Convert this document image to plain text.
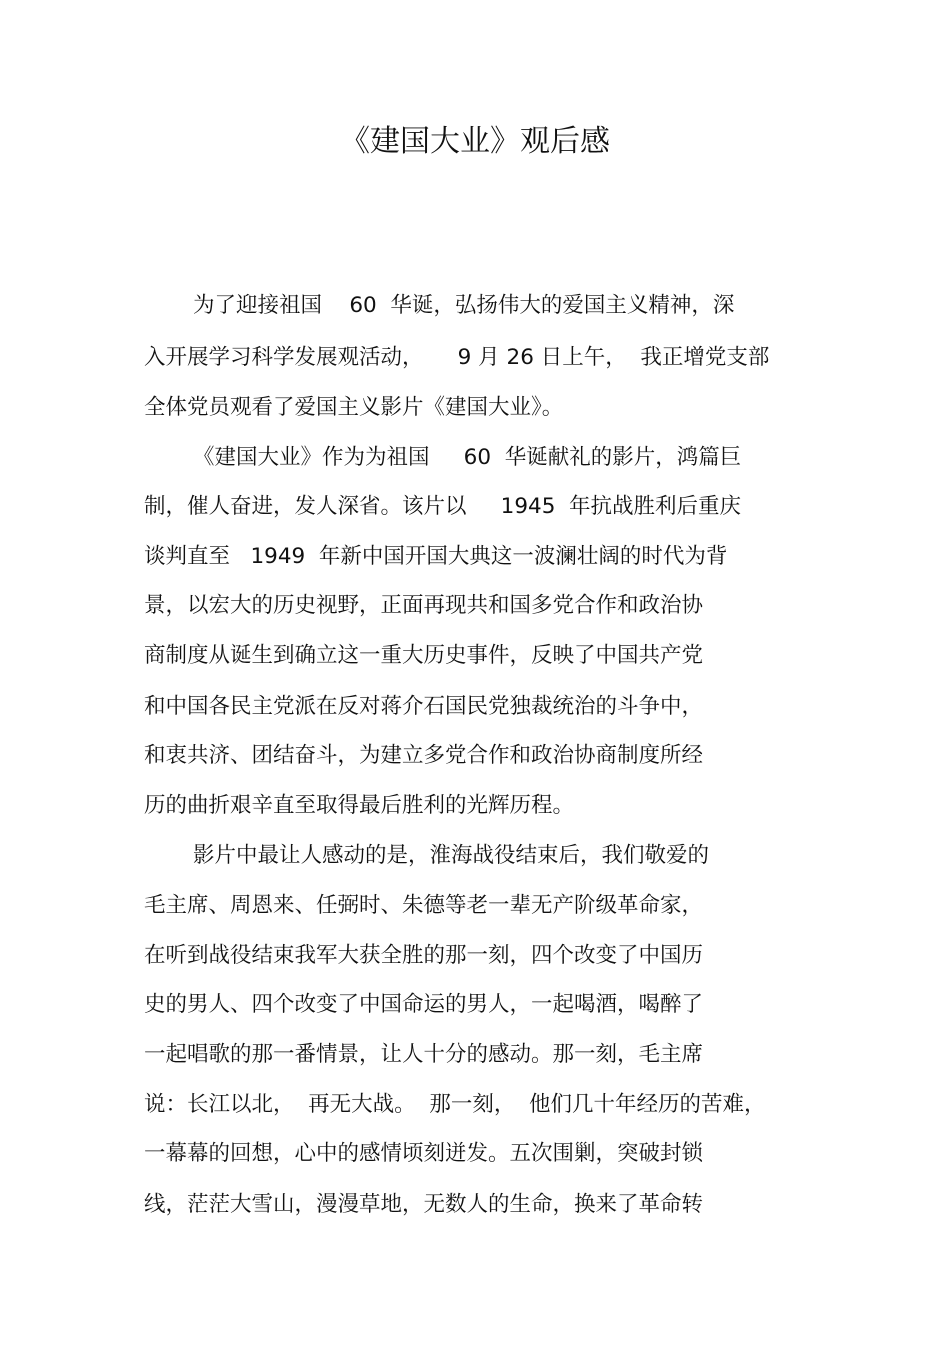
《建国大业》观后感
为了迎接祖国    60  华诞，弘扬伟大的爱国主义精神，深
入开展学习科学发展观活动，     9 月 26 日上午，  我正增党支部
全体党员观看了爱国主义影片《建国大业》。
《建国大业》作为为祖国     60  华诞献礼的影片，鸿篇巨
制，催人奋进，发人深省。该片以     1945  年抗战胜利后重庆
谈判直至   1949  年新中国开国大典这一波澜壮阔的时代为背
景，以宏大的历史视野，正面再现共和国多党合作和政治协
商制度从诞生到确立这一重大历史事件，反映了中国共产党
和中国各民主党派在反对蒋介石国民党独裁统治的斗争中，
和衷共济、团结奋斗，为建立多党合作和政治协商制度所经
历的曲折艰辛直至取得最后胜利的光辉历程。
影片中最让人感动的是，淮海战役结束后，我们敬爱的
毛主席、周恩来、任弼时、朱德等老一辈无产阶级革命家，
在听到战役结束我军大获全胜的那一刻，四个改变了中国历
史的男人、四个改变了中国命运的男人，一起喝酒，喝醉了
一起唱歌的那一番情景，让人十分的感动。那一刻，毛主席
说：长江以北，  再无大战。  那一刻，  他们几十年经历的苦难，
一幕幕的回想，心中的感情顷刻迸发。五次围剿，突破封锁
线，茫茫大雪山，漫漫草地，无数人的生命，换来了革命转
